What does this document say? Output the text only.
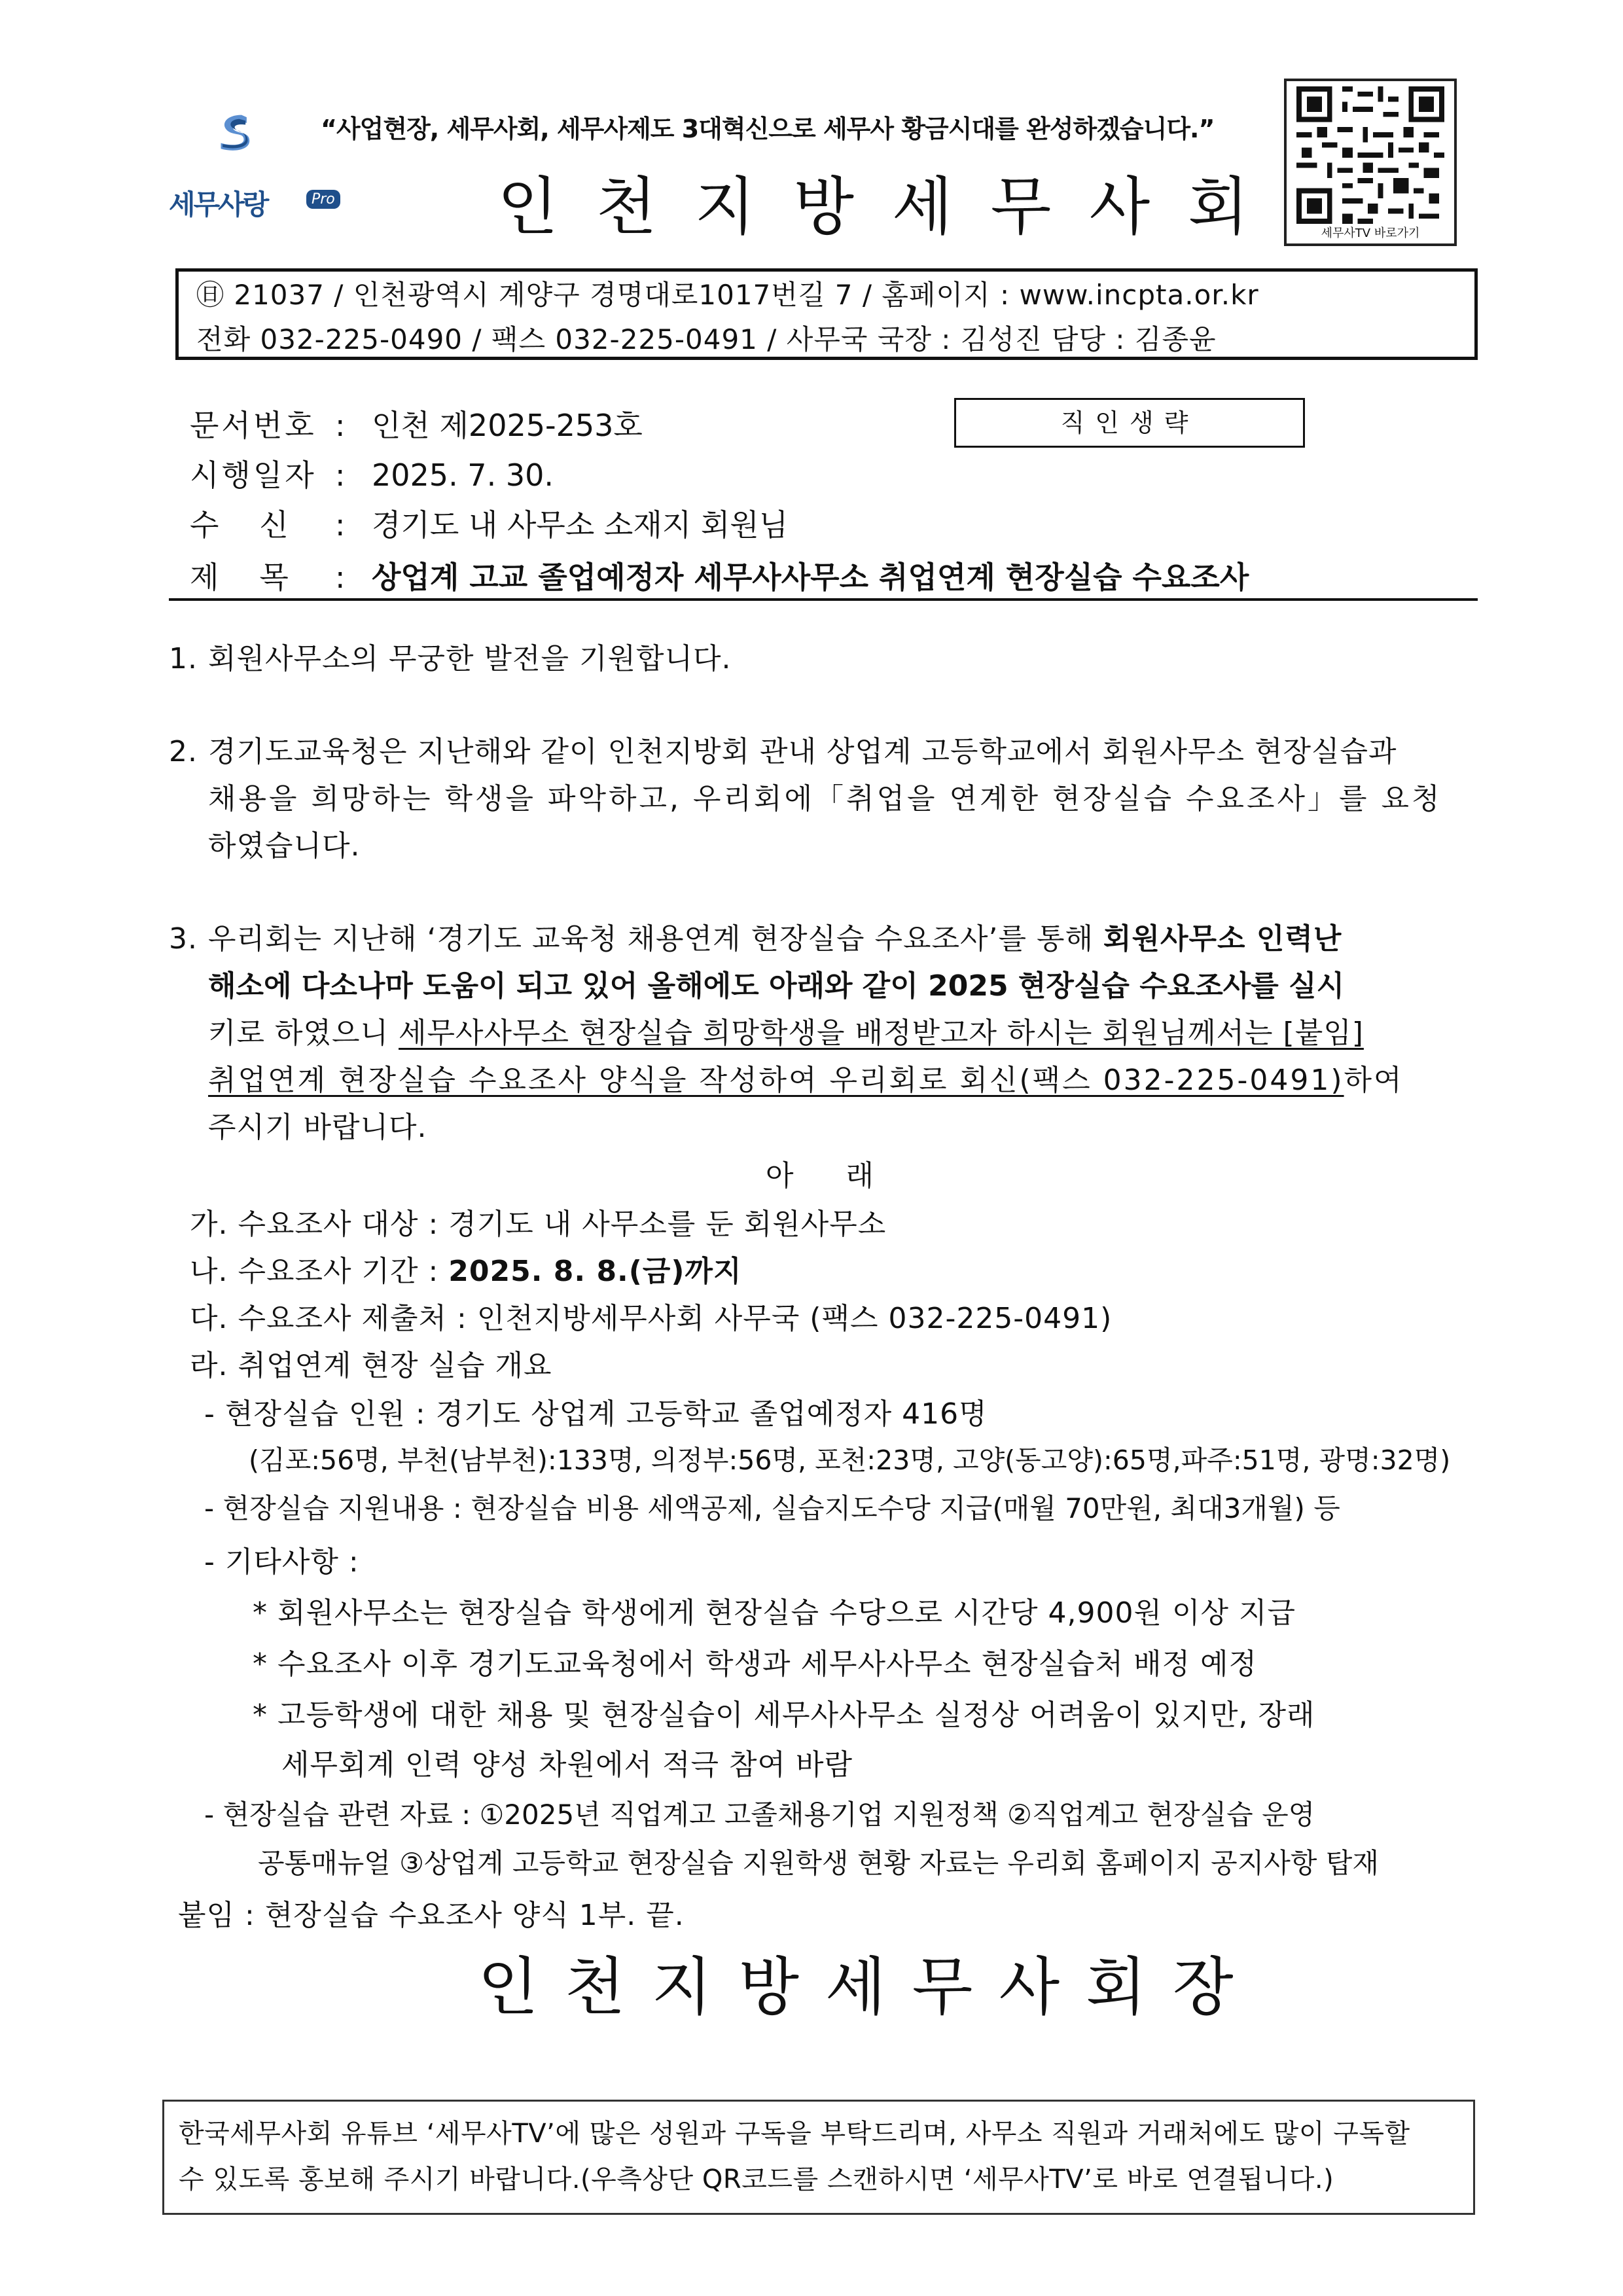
세무사랑	Pro
“사업현장, 세무사회, 세무사제도 3대혁신으로 세무사 황금시대를 완성하겠습니다.”
인천지방세무사회	세무사TV 바로가기
㊐ 21037 / 인천광역시 계양구 경명대로1017번길 7 / 홈페이지 : www.incpta.or.kr
전화 032-225-0490 / 팩스 032-225-0491 / 사무국 국장 : 김성진 담당 : 김종윤
문서번호 : 인천 제2025-253호
시행일자 : 2025. 7. 30.
수신 : 경기도 내 사무소 소재지 회원님
제목 : 상업계 고교 졸업예정자 세무사사무소 취업연계 현장실습 수요조사
직인생략
1. 회원사무소의 무궁한 발전을 기원합니다.
2. 경기도교육청은 지난해와 같이 인천지방회 관내 상업계 고등학교에서 회원사무소 현장실습과
채용을 희망하는 학생을 파악하고, 우리회에「취업을 연계한 현장실습 수요조사」를 요청
하였습니다.
3. 우리회는 지난해 ‘경기도 교육청 채용연계 현장실습 수요조사’를 통해 회원사무소 인력난
해소에 다소나마 도움이 되고 있어 올해에도 아래와 같이 2025 현장실습 수요조사를 실시
키로 하였으니 세무사사무소 현장실습 희망학생을 배정받고자 하시는 회원님께서는 [붙임]
취업연계 현장실습 수요조사 양식을 작성하여 우리회로 회신(팩스 032-225-0491)하여
주시기 바랍니다.
아래
가. 수요조사 대상 : 경기도 내 사무소를 둔 회원사무소
나. 수요조사 기간 : 2025. 8. 8.(금)까지
다. 수요조사 제출처 : 인천지방세무사회 사무국 (팩스 032-225-0491)
라. 취업연계 현장 실습 개요
- 현장실습 인원 : 경기도 상업계 고등학교 졸업예정자 416명
(김포:56명, 부천(남부천):133명, 의정부:56명, 포천:23명, 고양(동고양):65명,파주:51명, 광명:32명)
- 현장실습 지원내용 : 현장실습 비용 세액공제, 실습지도수당 지급(매월 70만원, 최대3개월) 등
- 기타사항 :
* 회원사무소는 현장실습 학생에게 현장실습 수당으로 시간당 4,900원 이상 지급
* 수요조사 이후 경기도교육청에서 학생과 세무사사무소 현장실습처 배정 예정
* 고등학생에 대한 채용 및 현장실습이 세무사사무소 실정상 어려움이 있지만, 장래
세무회계 인력 양성 차원에서 적극 참여 바람
- 현장실습 관련 자료 : ①2025년 직업계고 고졸채용기업 지원정책 ②직업계고 현장실습 운영
공통매뉴얼 ③상업계 고등학교 현장실습 지원학생 현황 자료는 우리회 홈페이지 공지사항 탑재
붙임 : 현장실습 수요조사 양식 1부. 끝.
인천지방세무사회장
한국세무사회 유튜브 ‘세무사TV’에 많은 성원과 구독을 부탁드리며, 사무소 직원과 거래처에도 많이 구독할
수 있도록 홍보해 주시기 바랍니다.(우측상단 QR코드를 스캔하시면 ‘세무사TV’로 바로 연결됩니다.)
